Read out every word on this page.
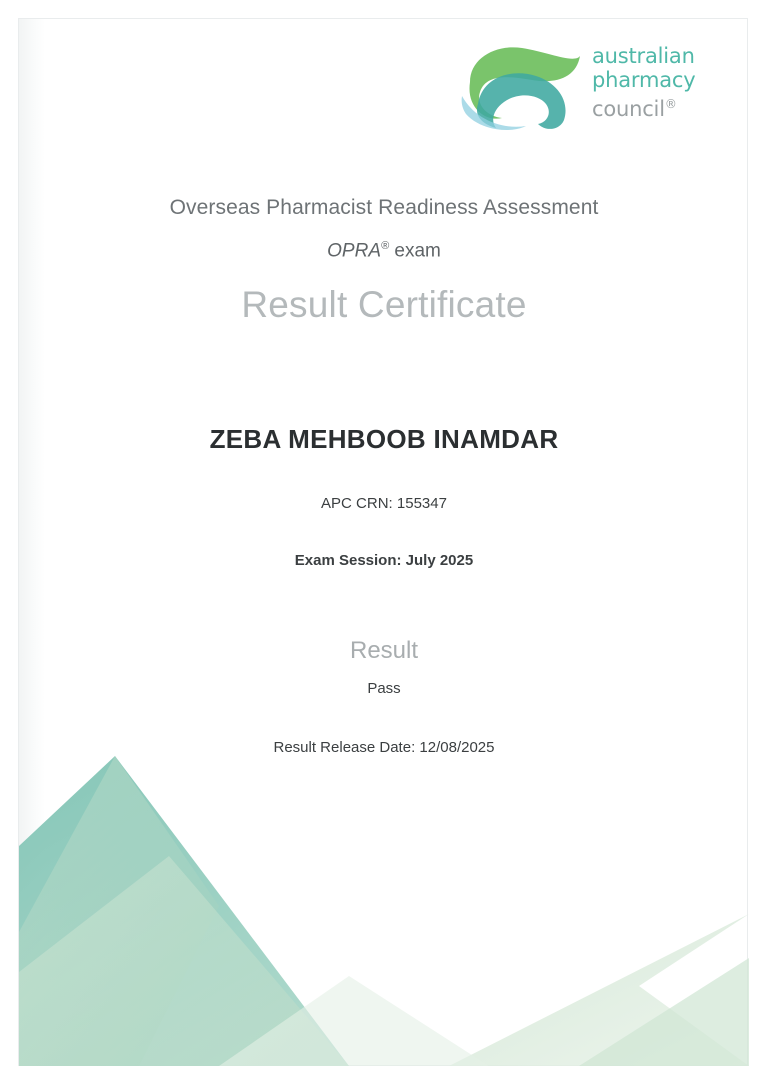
australian
pharmacy
council®
Overseas Pharmacist Readiness Assessment
OPRA® exam
Result Certificate
ZEBA MEHBOOB INAMDAR
APC CRN: 155347
Exam Session: July 2025
Result
Pass
Result Release Date: 12/08/2025
